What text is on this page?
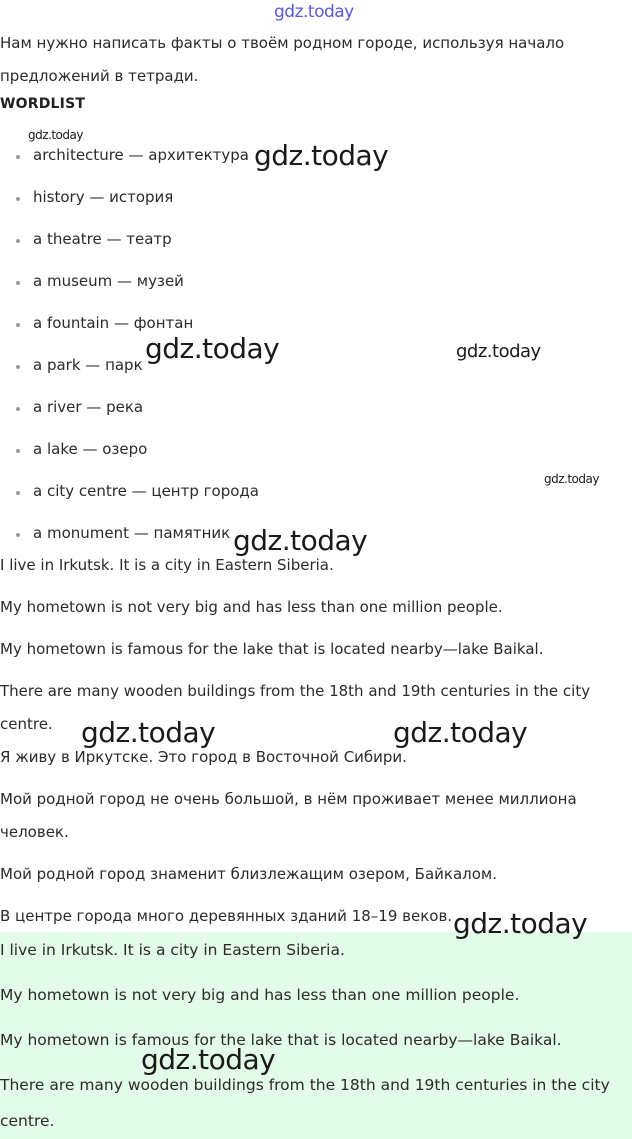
gdz.today
Нам нужно написать факты о твоём родном городе, используя начало
предложений в тетради.
WORDLIST
architecture — архитектура
history — история
a theatre — театр
a museum — музей
a fountain — фонтан
a park — парк
a river — река
a lake — озеро
a city centre — центр города
a monument — памятник
I live in Irkutsk. It is a city in Eastern Siberia.
My hometown is not very big and has less than one million people.
My hometown is famous for the lake that is located nearby—lake Baikal.
There are many wooden buildings from the 18th and 19th centuries in the city
centre.
Я живу в Иркутске. Это город в Восточной Сибири.
Мой родной город не очень большой, в нём проживает менее миллиона
человек.
Мой родной город знаменит близлежащим озером, Байкалом.
В центре города много деревянных зданий 18–19 веков.
I live in Irkutsk. It is a city in Eastern Siberia.
My hometown is not very big and has less than one million people.
My hometown is famous for the lake that is located nearby—lake Baikal.
There are many wooden buildings from the 18th and 19th centuries in the city
centre.
gdz.today
gdz.today
gdz.today	gdz.today
gdz.today
gdz.today
gdz.today	gdz.today
gdz.today
gdz.today
